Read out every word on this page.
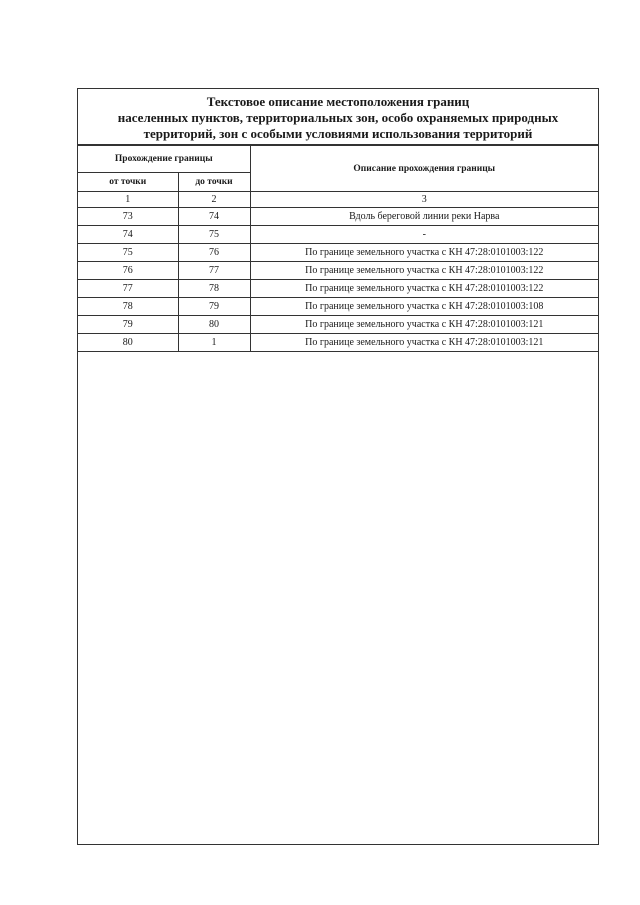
Текстовое описание местоположения границ
населенных пунктов, территориальных зон, особо охраняемых природных
территорий, зон с особыми условиями использования территорий
Прохождение границы		Описание прохождения границы
от точки	до точки	
1	2	3
73	74	Вдоль береговой линии реки Нарва
74	75	-
75	76	По границе земельного участка с КН 47:28:0101003:122
76	77	По границе земельного участка с КН 47:28:0101003:122
77	78	По границе земельного участка с КН 47:28:0101003:122
78	79	По границе земельного участка с КН 47:28:0101003:108
79	80	По границе земельного участка с КН 47:28:0101003:121
80	1	По границе земельного участка с КН 47:28:0101003:121
